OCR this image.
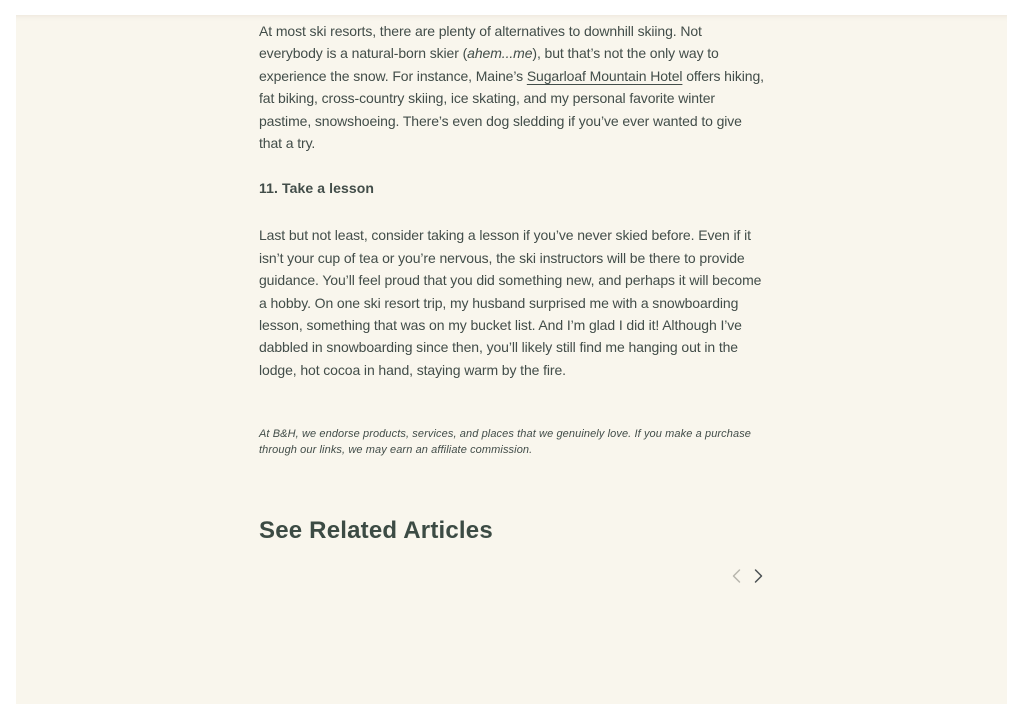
At most ski resorts, there are plenty of alternatives to downhill skiing. Not everybody is a natural-born skier (ahem...me), but that’s not the only way to experience the snow. For instance, Maine’s Sugarloaf Mountain Hotel offers hiking, fat biking, cross-country skiing, ice skating, and my personal favorite winter pastime, snowshoeing. There’s even dog sledding if you’ve ever wanted to give that a try.

11. Take a lesson

Last but not least, consider taking a lesson if you’ve never skied before. Even if it isn’t your cup of tea or you’re nervous, the ski instructors will be there to provide guidance. You’ll feel proud that you did something new, and perhaps it will become a hobby. On one ski resort trip, my husband surprised me with a snowboarding lesson, something that was on my bucket list. And I’m glad I did it! Although I’ve dabbled in snowboarding since then, you’ll likely still find me hanging out in the lodge, hot cocoa in hand, staying warm by the fire.

At B&H, we endorse products, services, and places that we genuinely love. If you make a purchase through our links, we may earn an affiliate commission.

See Related Articles
